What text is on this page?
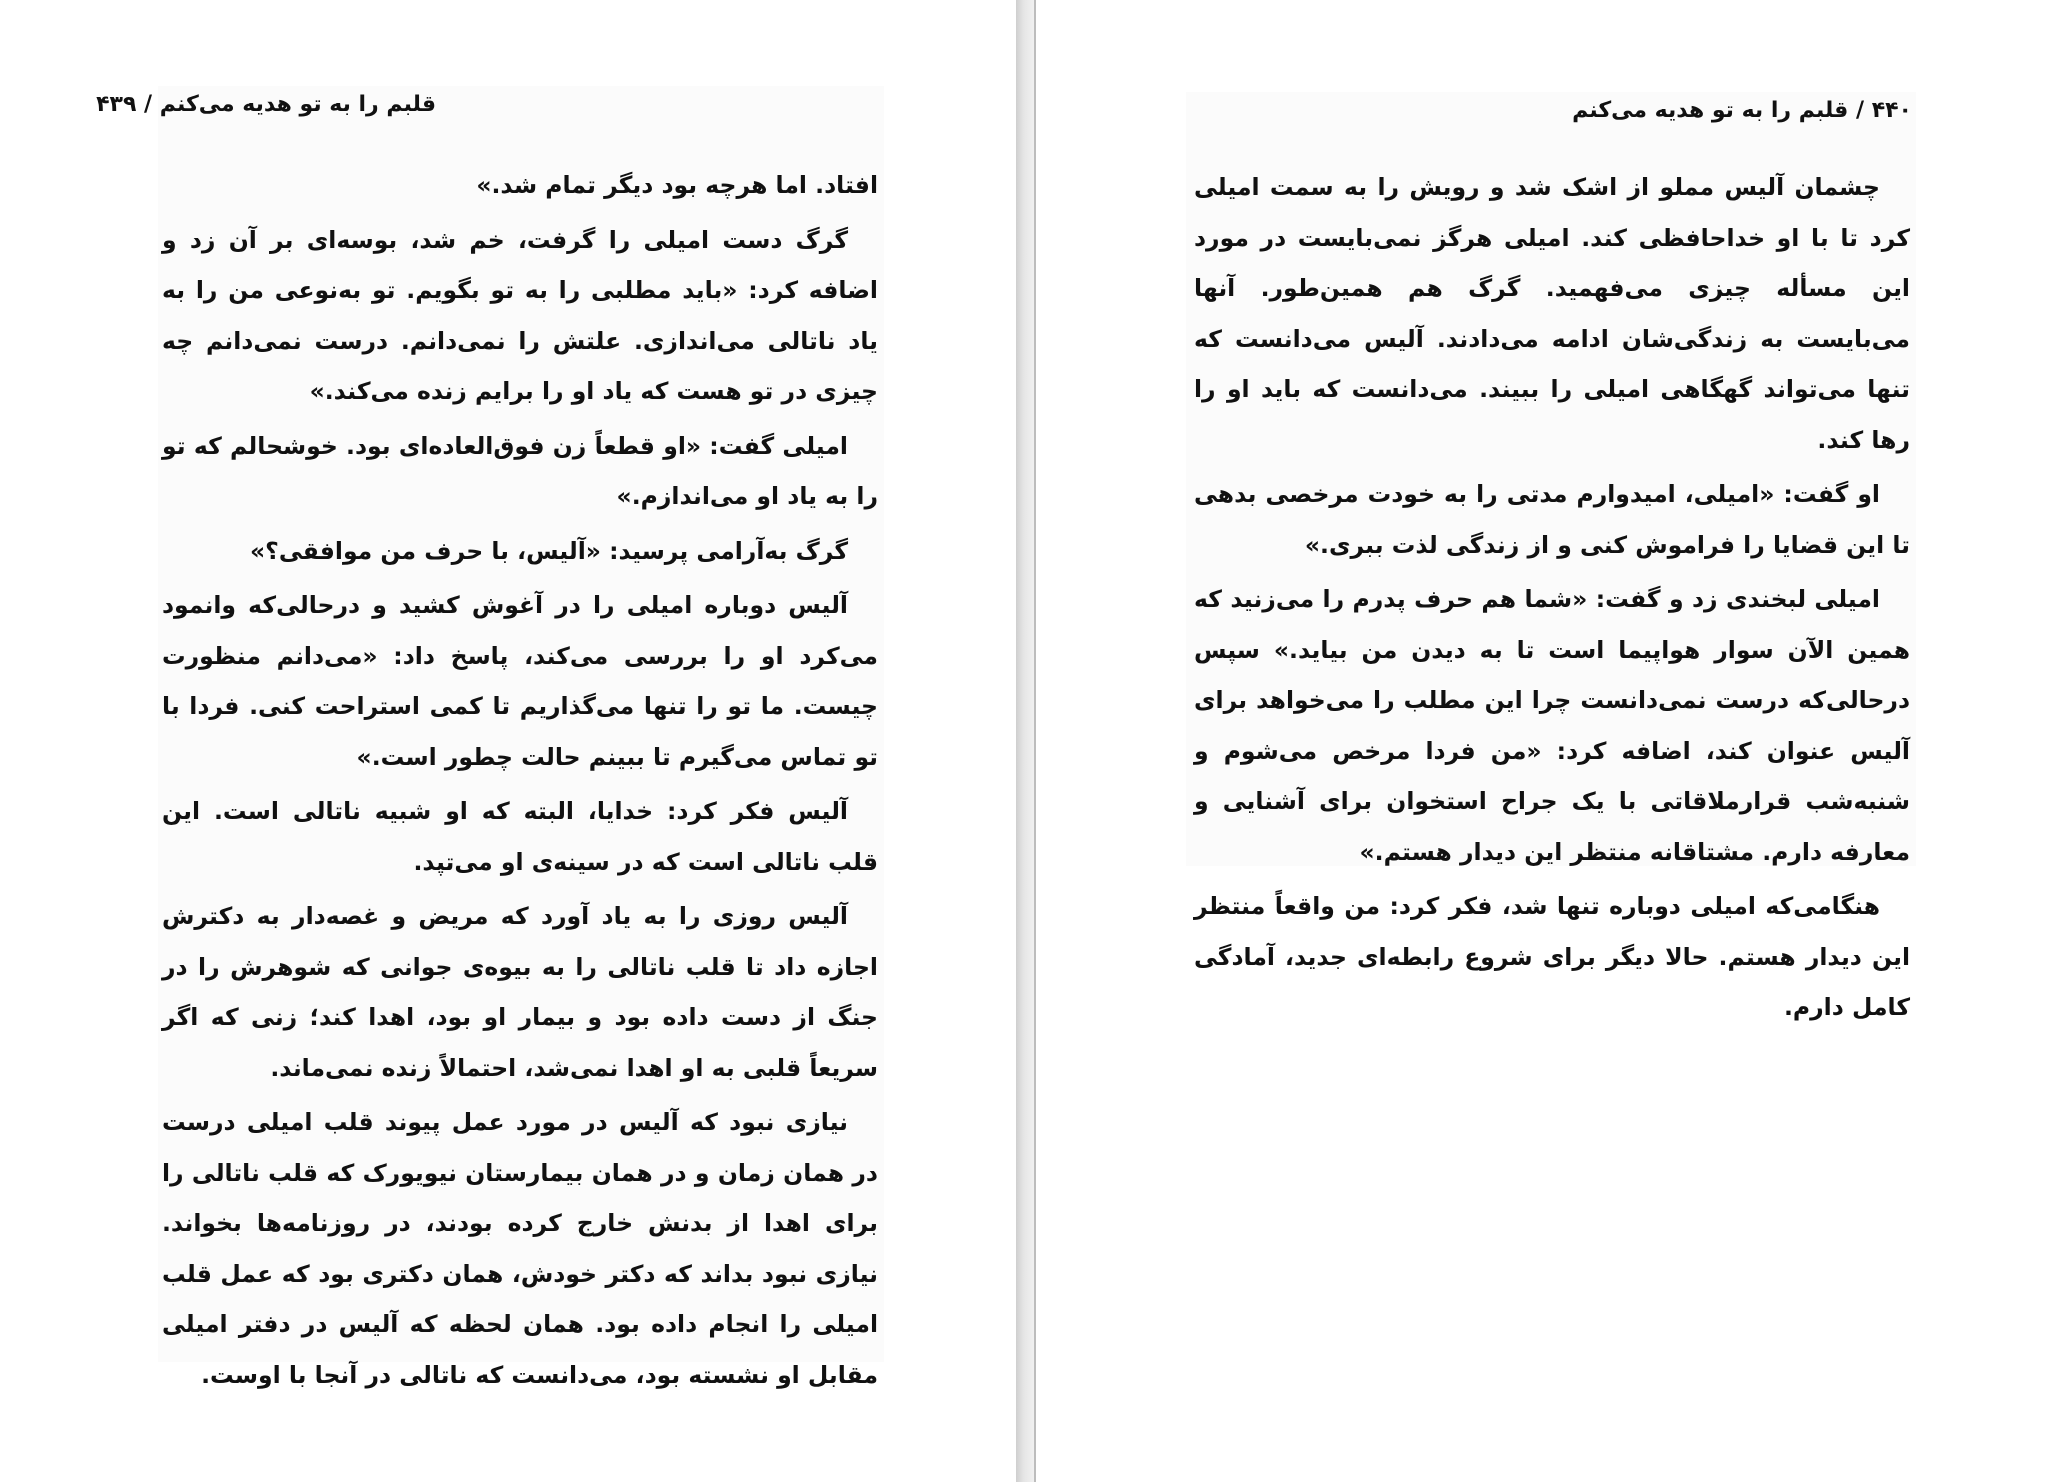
قلبم را به تو هدیه می‌کنم / ۴۳۹	۴۴۰ / قلبم را به تو هدیه می‌کنم

افتاد. اما هرچه بود دیگر تمام شد.»

گرگ دست امیلی را گرفت، خم شد، بوسه‌ای بر آن زد و اضافه کرد: «باید مطلبی را به تو بگویم. تو به‌نوعی من را به یاد ناتالی می‌اندازی. علتش را نمی‌دانم. درست نمی‌دانم چه چیزی در تو هست که یاد او را برایم زنده می‌کند.»

امیلی گفت: «او قطعاً زن فوق‌العاده‌ای بود. خوشحالم که تو را به یاد او می‌اندازم.»

گرگ به‌آرامی پرسید: «آلیس، با حرف من موافقی؟»

آلیس دوباره امیلی را در آغوش کشید و درحالی‌که وانمود می‌کرد او را بررسی می‌کند، پاسخ داد: «می‌دانم منظورت چیست. ما تو را تنها می‌گذاریم تا کمی استراحت کنی. فردا با تو تماس می‌گیرم تا ببینم حالت چطور است.»

آلیس فکر کرد: خدایا، البته که او شبیه ناتالی است. این قلب ناتالی است که در سینه‌ی او می‌تپد.

آلیس روزی را به یاد آورد که مریض و غصه‌دار به دکترش اجازه داد تا قلب ناتالی را به بیوه‌ی جوانی که شوهرش را در جنگ از دست داده بود و بیمار او بود، اهدا کند؛ زنی که اگر سریعاً قلبی به او اهدا نمی‌شد، احتمالاً زنده نمی‌ماند.

نیازی نبود که آلیس در مورد عمل پیوند قلب امیلی درست در همان زمان و در همان بیمارستان نیویورک که قلب ناتالی را برای اهدا از بدنش خارج کرده بودند، در روزنامه‌ها بخواند. نیازی نبود بداند که دکتر خودش، همان دکتری بود که عمل قلب امیلی را انجام داده بود. همان لحظه که آلیس در دفتر امیلی مقابل او نشسته بود، می‌دانست که ناتالی در آنجا با اوست.

چشمان آلیس مملو از اشک شد و رویش را به سمت امیلی کرد تا با او خداحافظی کند. امیلی هرگز نمی‌بایست در مورد این مسأله چیزی می‌فهمید. گرگ هم همین‌طور. آنها می‌بایست به زندگی‌شان ادامه می‌دادند. آلیس می‌دانست که تنها می‌تواند گهگاهی امیلی را ببیند. می‌دانست که باید او را رها کند.

او گفت: «امیلی، امیدوارم مدتی را به خودت مرخصی بدهی تا این قضایا را فراموش کنی و از زندگی لذت ببری.»

امیلی لبخندی زد و گفت: «شما هم حرف پدرم را می‌زنید که همین الآن سوار هواپیما است تا به دیدن من بیاید.» سپس درحالی‌که درست نمی‌دانست چرا این مطلب را می‌خواهد برای آلیس عنوان کند، اضافه کرد: «من فردا مرخص می‌شوم و شنبه‌شب قرارملاقاتی با یک جراح استخوان برای آشنایی و معارفه دارم. مشتاقانه منتظر این دیدار هستم.»

هنگامی‌که امیلی دوباره تنها شد، فکر کرد: من واقعاً منتظر این دیدار هستم. حالا دیگر برای شروع رابطه‌ای جدید، آمادگی کامل دارم.
